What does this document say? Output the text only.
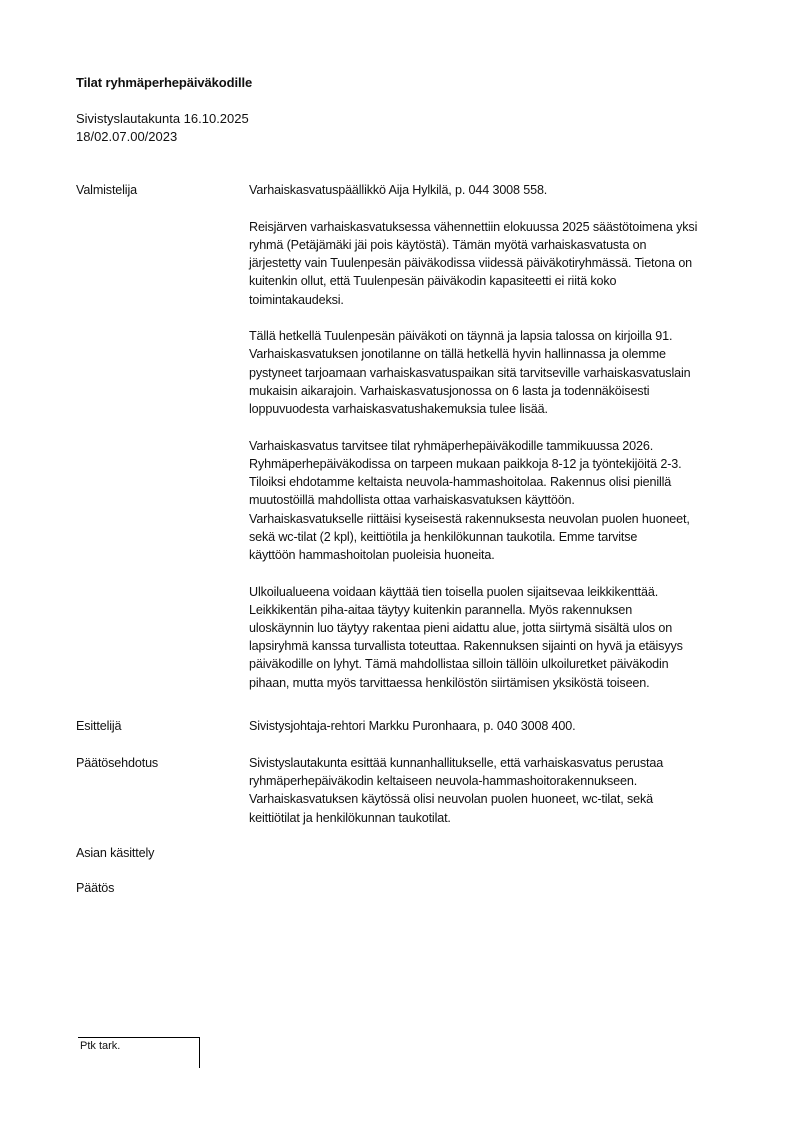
Tilat ryhmäperhepäiväkodille
Sivistyslautakunta 16.10.2025
18/02.07.00/2023
Valmistelija	Varhaiskasvatuspäällikkö Aija Hylkilä, p. 044 3008 558.

Reisjärven varhaiskasvatuksessa vähennettiin elokuussa 2025 säästötoimena yksi
ryhmä (Petäjämäki jäi pois käytöstä). Tämän myötä varhaiskasvatusta on
järjestetty vain Tuulenpesän päiväkodissa viidessä päiväkotiryhmässä. Tietona on
kuitenkin ollut, että Tuulenpesän päiväkodin kapasiteetti ei riitä koko
toimintakaudeksi.

Tällä hetkellä Tuulenpesän päiväkoti on täynnä ja lapsia talossa on kirjoilla 91.
Varhaiskasvatuksen jonotilanne on tällä hetkellä hyvin hallinnassa ja olemme
pystyneet tarjoamaan varhaiskasvatuspaikan sitä tarvitseville varhaiskasvatuslain
mukaisin aikarajoin. Varhaiskasvatusjonossa on 6 lasta ja todennäköisesti
loppuvuodesta varhaiskasvatushakemuksia tulee lisää.

Varhaiskasvatus tarvitsee tilat ryhmäperhepäiväkodille tammikuussa 2026.
Ryhmäperhepäiväkodissa on tarpeen mukaan paikkoja 8-12 ja työntekijöitä 2-3.
Tiloiksi ehdotamme keltaista neuvola-hammashoitolaa. Rakennus olisi pienillä
muutostöillä mahdollista ottaa varhaiskasvatuksen käyttöön.
Varhaiskasvatukselle riittäisi kyseisestä rakennuksesta neuvolan puolen huoneet,
sekä wc-tilat (2 kpl), keittiötila ja henkilökunnan taukotila. Emme tarvitse
käyttöön hammashoitolan puoleisia huoneita.

Ulkoilualueena voidaan käyttää tien toisella puolen sijaitsevaa leikkikenttää.
Leikkikentän piha-aitaa täytyy kuitenkin parannella. Myös rakennuksen
uloskäynnin luo täytyy rakentaa pieni aidattu alue, jotta siirtymä sisältä ulos on
lapsiryhmä kanssa turvallista toteuttaa. Rakennuksen sijainti on hyvä ja etäisyys
päiväkodille on lyhyt. Tämä mahdollistaa silloin tällöin ulkoiluretket päiväkodin
pihaan, mutta myös tarvittaessa henkilöstön siirtämisen yksiköstä toiseen.

Esittelijä	Sivistysjohtaja-rehtori Markku Puronhaara, p. 040 3008 400.

Päätösehdotus	Sivistyslautakunta esittää kunnanhallitukselle, että varhaiskasvatus perustaa
ryhmäperhepäiväkodin keltaiseen neuvola-hammashoitorakennukseen.
Varhaiskasvatuksen käytössä olisi neuvolan puolen huoneet, wc-tilat, sekä
keittiötilat ja henkilökunnan taukotilat.

Asian käsittely
Päätös
Ptk tark.
